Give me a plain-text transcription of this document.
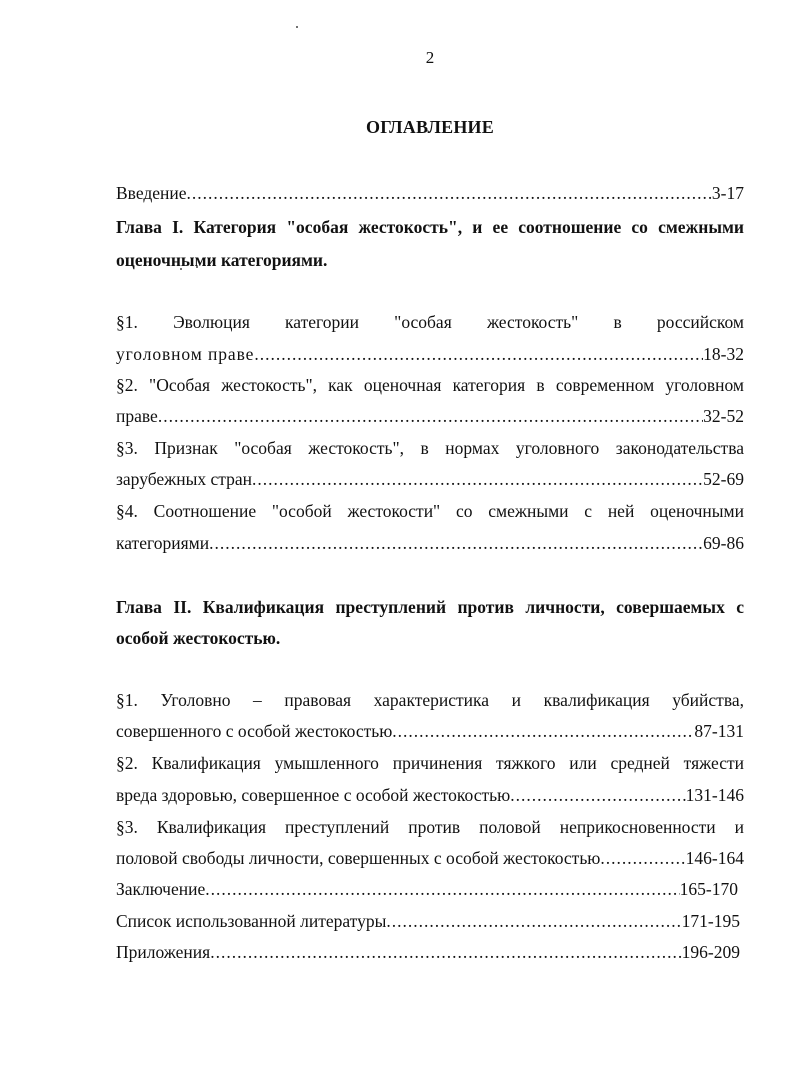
2
ОГЛАВЛЕНИЕ
Введение .....	3-17
Глава I. Категория "особая жестокость", и ее соотношение со смежными
оценочными категориями.
§1. Эволюция категории "особая жестокость" в российском
уголовном праве .....	18-32
§2. "Особая жестокость", как оценочная категория в современном уголовном
праве .....	32-52
§3. Признак "особая жестокость", в нормах уголовного законодательства
зарубежных стран .....	52-69
§4. Соотношение "особой жестокости" со смежными с ней оценочными
категориями .....	69-86
Глава II. Квалификация преступлений против личности, совершаемых с
особой жестокостью.
§1. Уголовно – правовая характеристика и квалификация убийства,
совершенного с особой жестокостью .....	87-131
§2. Квалификация умышленного причинения тяжкого или средней тяжести
вреда здоровью, совершенное с особой жестокостью .....	131-146
§3. Квалификация преступлений против половой неприкосновенности и
половой свободы личности, совершенных с особой жестокостью .....	146-164
Заключение .....	165-170
Список использованной литературы .....	171-195
Приложения .....	196-209
